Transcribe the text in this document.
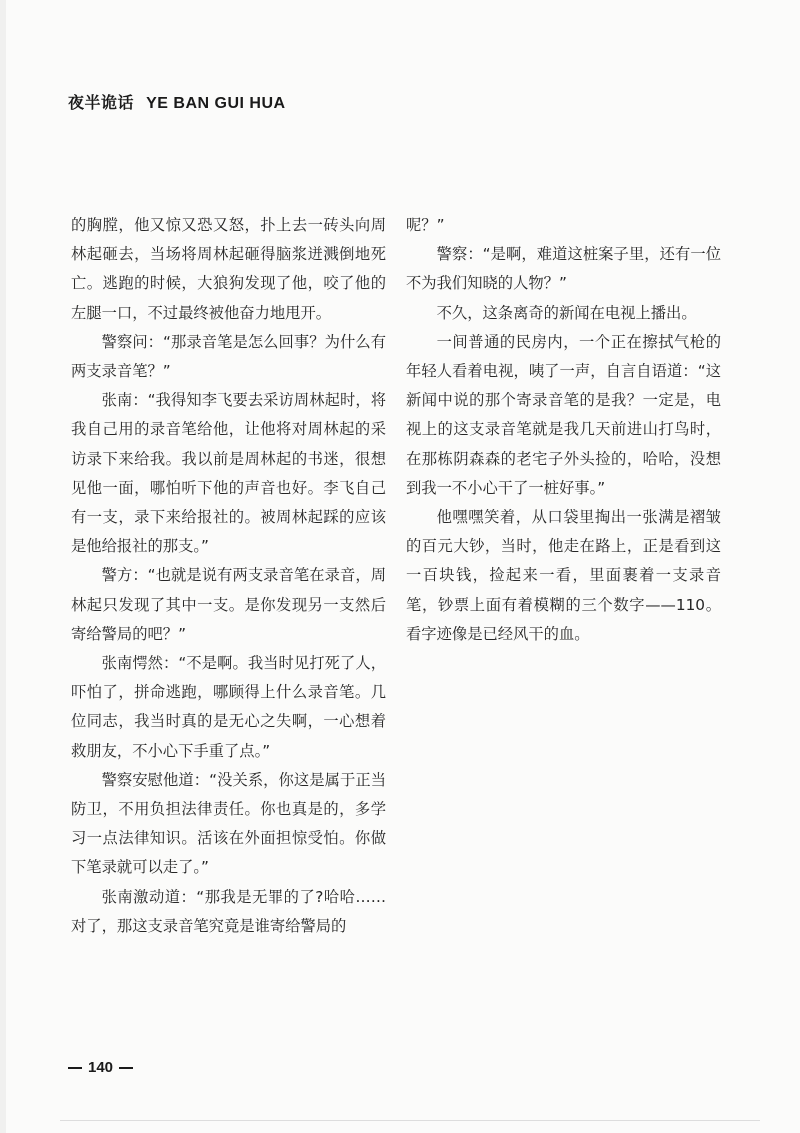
夜半诡话 YE BAN GUI HUA

的胸膛，他又惊又恐又怒，扑上去一砖头向周林起砸去，当场将周林起砸得脑浆迸溅倒地死亡。逃跑的时候，大狼狗发现了他，咬了他的左腿一口，不过最终被他奋力地甩开。

警察问：“那录音笔是怎么回事？为什么有两支录音笔？”

张南：“我得知李飞要去采访周林起时，将我自己用的录音笔给他，让他将对周林起的采访录下来给我。我以前是周林起的书迷，很想见他一面，哪怕听下他的声音也好。李飞自己有一支，录下来给报社的。被周林起踩的应该是他给报社的那支。”

警方：“也就是说有两支录音笔在录音，周林起只发现了其中一支。是你发现另一支然后寄给警局的吧？”

张南愕然：“不是啊。我当时见打死了人，吓怕了，拼命逃跑，哪顾得上什么录音笔。几位同志，我当时真的是无心之失啊，一心想着救朋友，不小心下手重了点。”

警察安慰他道：“没关系，你这是属于正当防卫，不用负担法律责任。你也真是的，多学习一点法律知识。活该在外面担惊受怕。你做下笔录就可以走了。”

张南激动道：“那我是无罪的了?哈哈……对了，那这支录音笔究竟是谁寄给警局的

呢？”

警察：“是啊，难道这桩案子里，还有一位不为我们知晓的人物？”

不久，这条离奇的新闻在电视上播出。

一间普通的民房内，一个正在擦拭气枪的年轻人看着电视，咦了一声，自言自语道：“这新闻中说的那个寄录音笔的是我？一定是，电视上的这支录音笔就是我几天前进山打鸟时，在那栋阴森森的老宅子外头捡的，哈哈，没想到我一不小心干了一桩好事。”

他嘿嘿笑着，从口袋里掏出一张满是褶皱的百元大钞，当时，他走在路上，正是看到这一百块钱，捡起来一看，里面裹着一支录音笔，钞票上面有着模糊的三个数字——110。看字迹像是已经风干的血。

140
